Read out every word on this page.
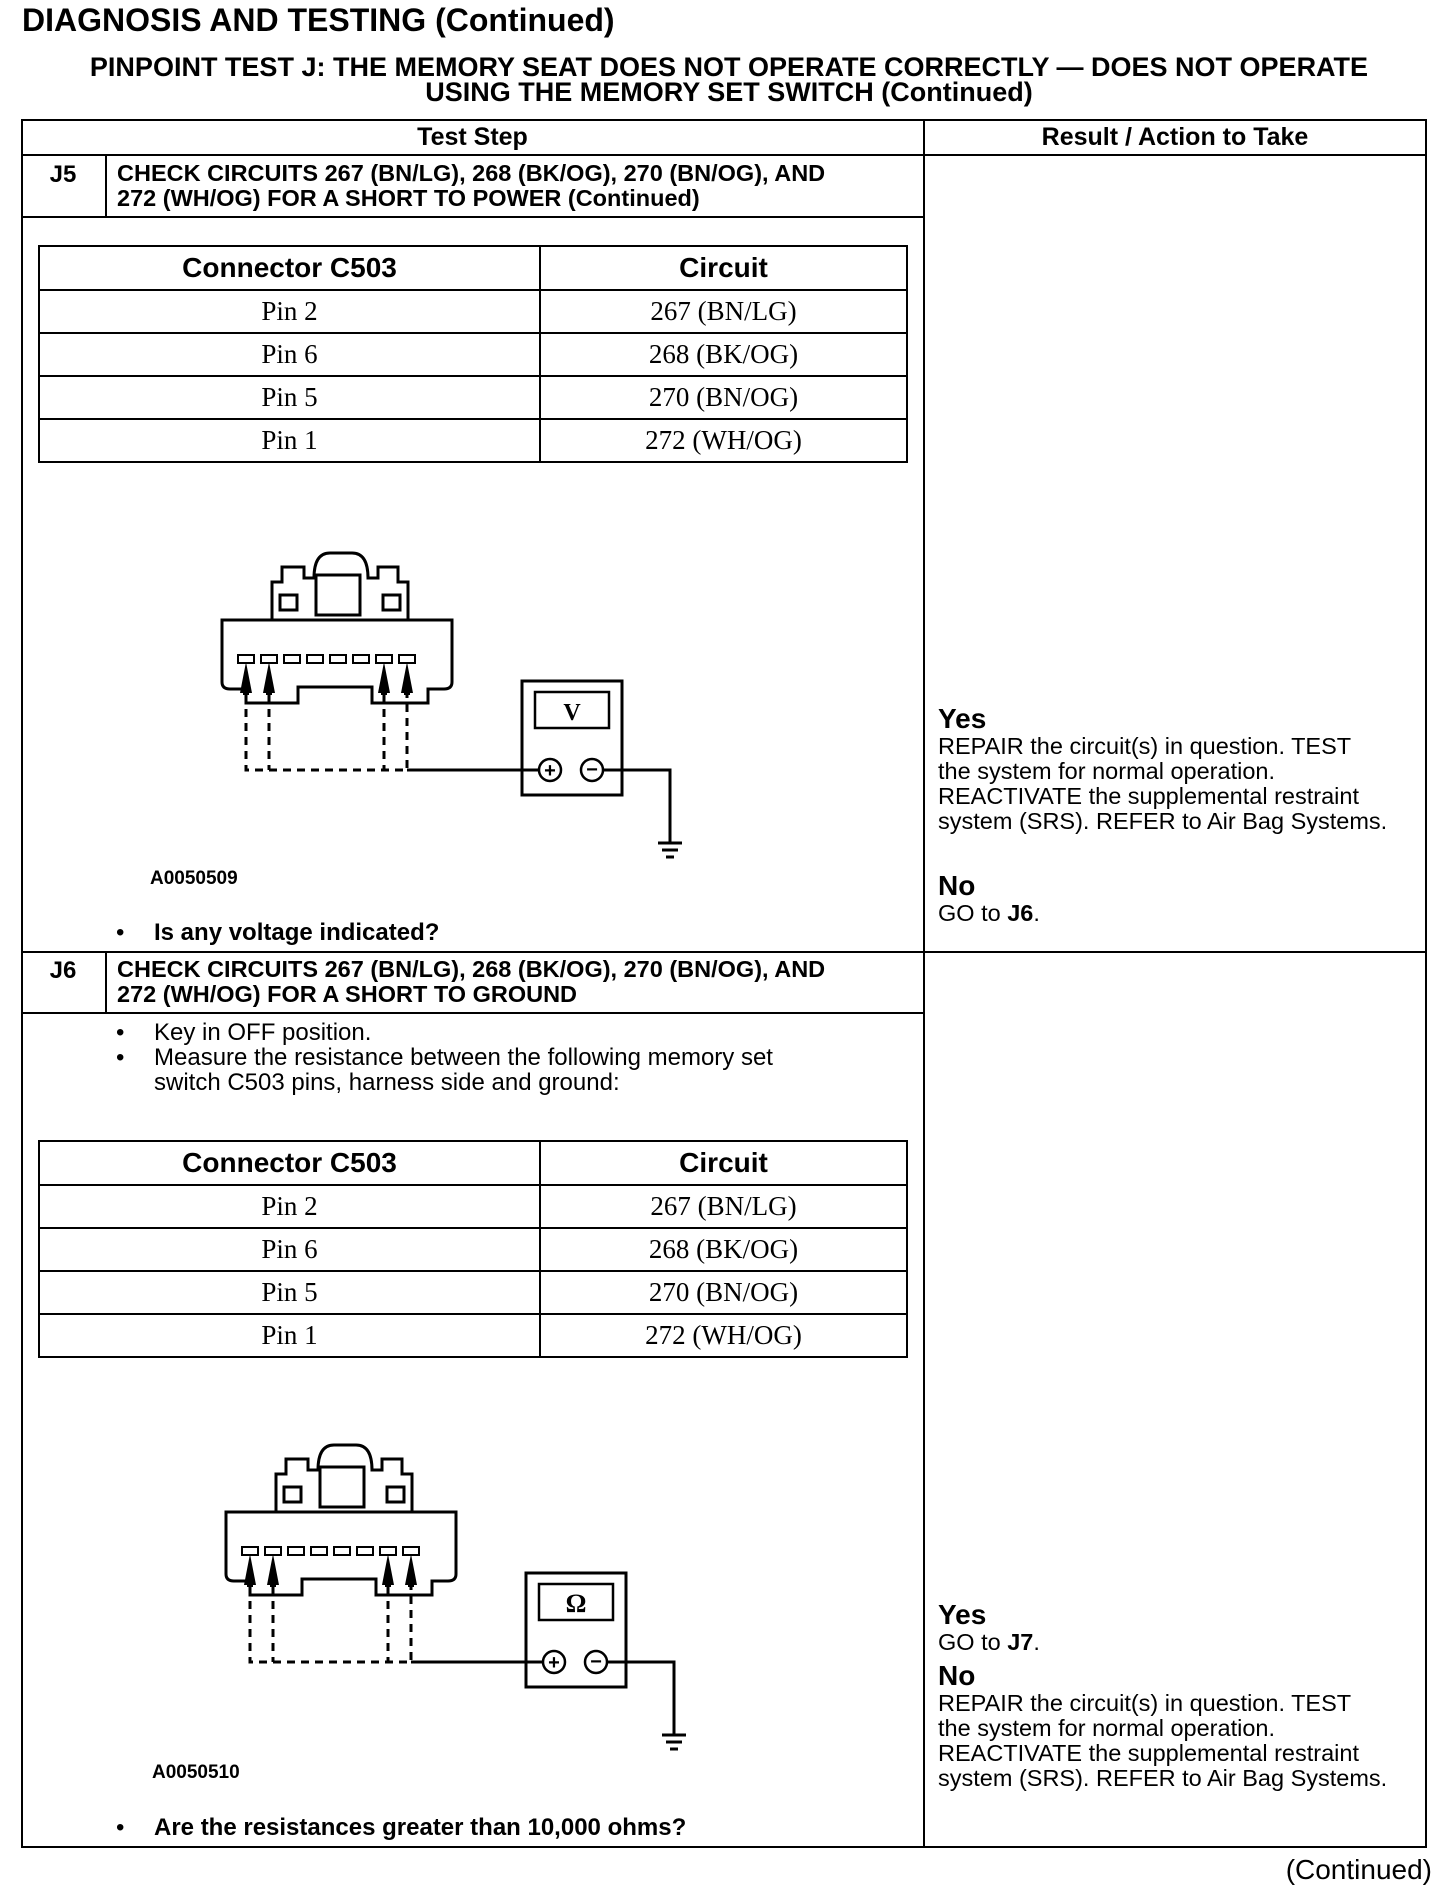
DIAGNOSIS AND TESTING (Continued)
PINPOINT TEST J: THE MEMORY SEAT DOES NOT OPERATE CORRECTLY — DOES NOT OPERATE
USING THE MEMORY SET SWITCH (Continued)
Test Step	Result / Action to Take
J5	CHECK CIRCUITS 267 (BN/LG), 268 (BK/OG), 270 (BN/OG), AND
272 (WH/OG) FOR A SHORT TO POWER (Continued)
Connector C503	Circuit
Pin 2	267 (BN/LG)
Pin 6	268 (BK/OG)
Pin 5	270 (BN/OG)
Pin 1	272 (WH/OG)
V
+ −
A0050509
• Is any voltage indicated?
Yes
REPAIR the circuit(s) in question. TEST
the system for normal operation.
REACTIVATE the supplemental restraint
system (SRS). REFER to Air Bag Systems.
No
GO to J6.
J6	CHECK CIRCUITS 267 (BN/LG), 268 (BK/OG), 270 (BN/OG), AND
272 (WH/OG) FOR A SHORT TO GROUND
• Key in OFF position.
• Measure the resistance between the following memory set
switch C503 pins, harness side and ground:
Connector C503	Circuit
Pin 2	267 (BN/LG)
Pin 6	268 (BK/OG)
Pin 5	270 (BN/OG)
Pin 1	272 (WH/OG)
Ω
+ −
A0050510
• Are the resistances greater than 10,000 ohms?
Yes
GO to J7.
No
REPAIR the circuit(s) in question. TEST
the system for normal operation.
REACTIVATE the supplemental restraint
system (SRS). REFER to Air Bag Systems.
(Continued)
